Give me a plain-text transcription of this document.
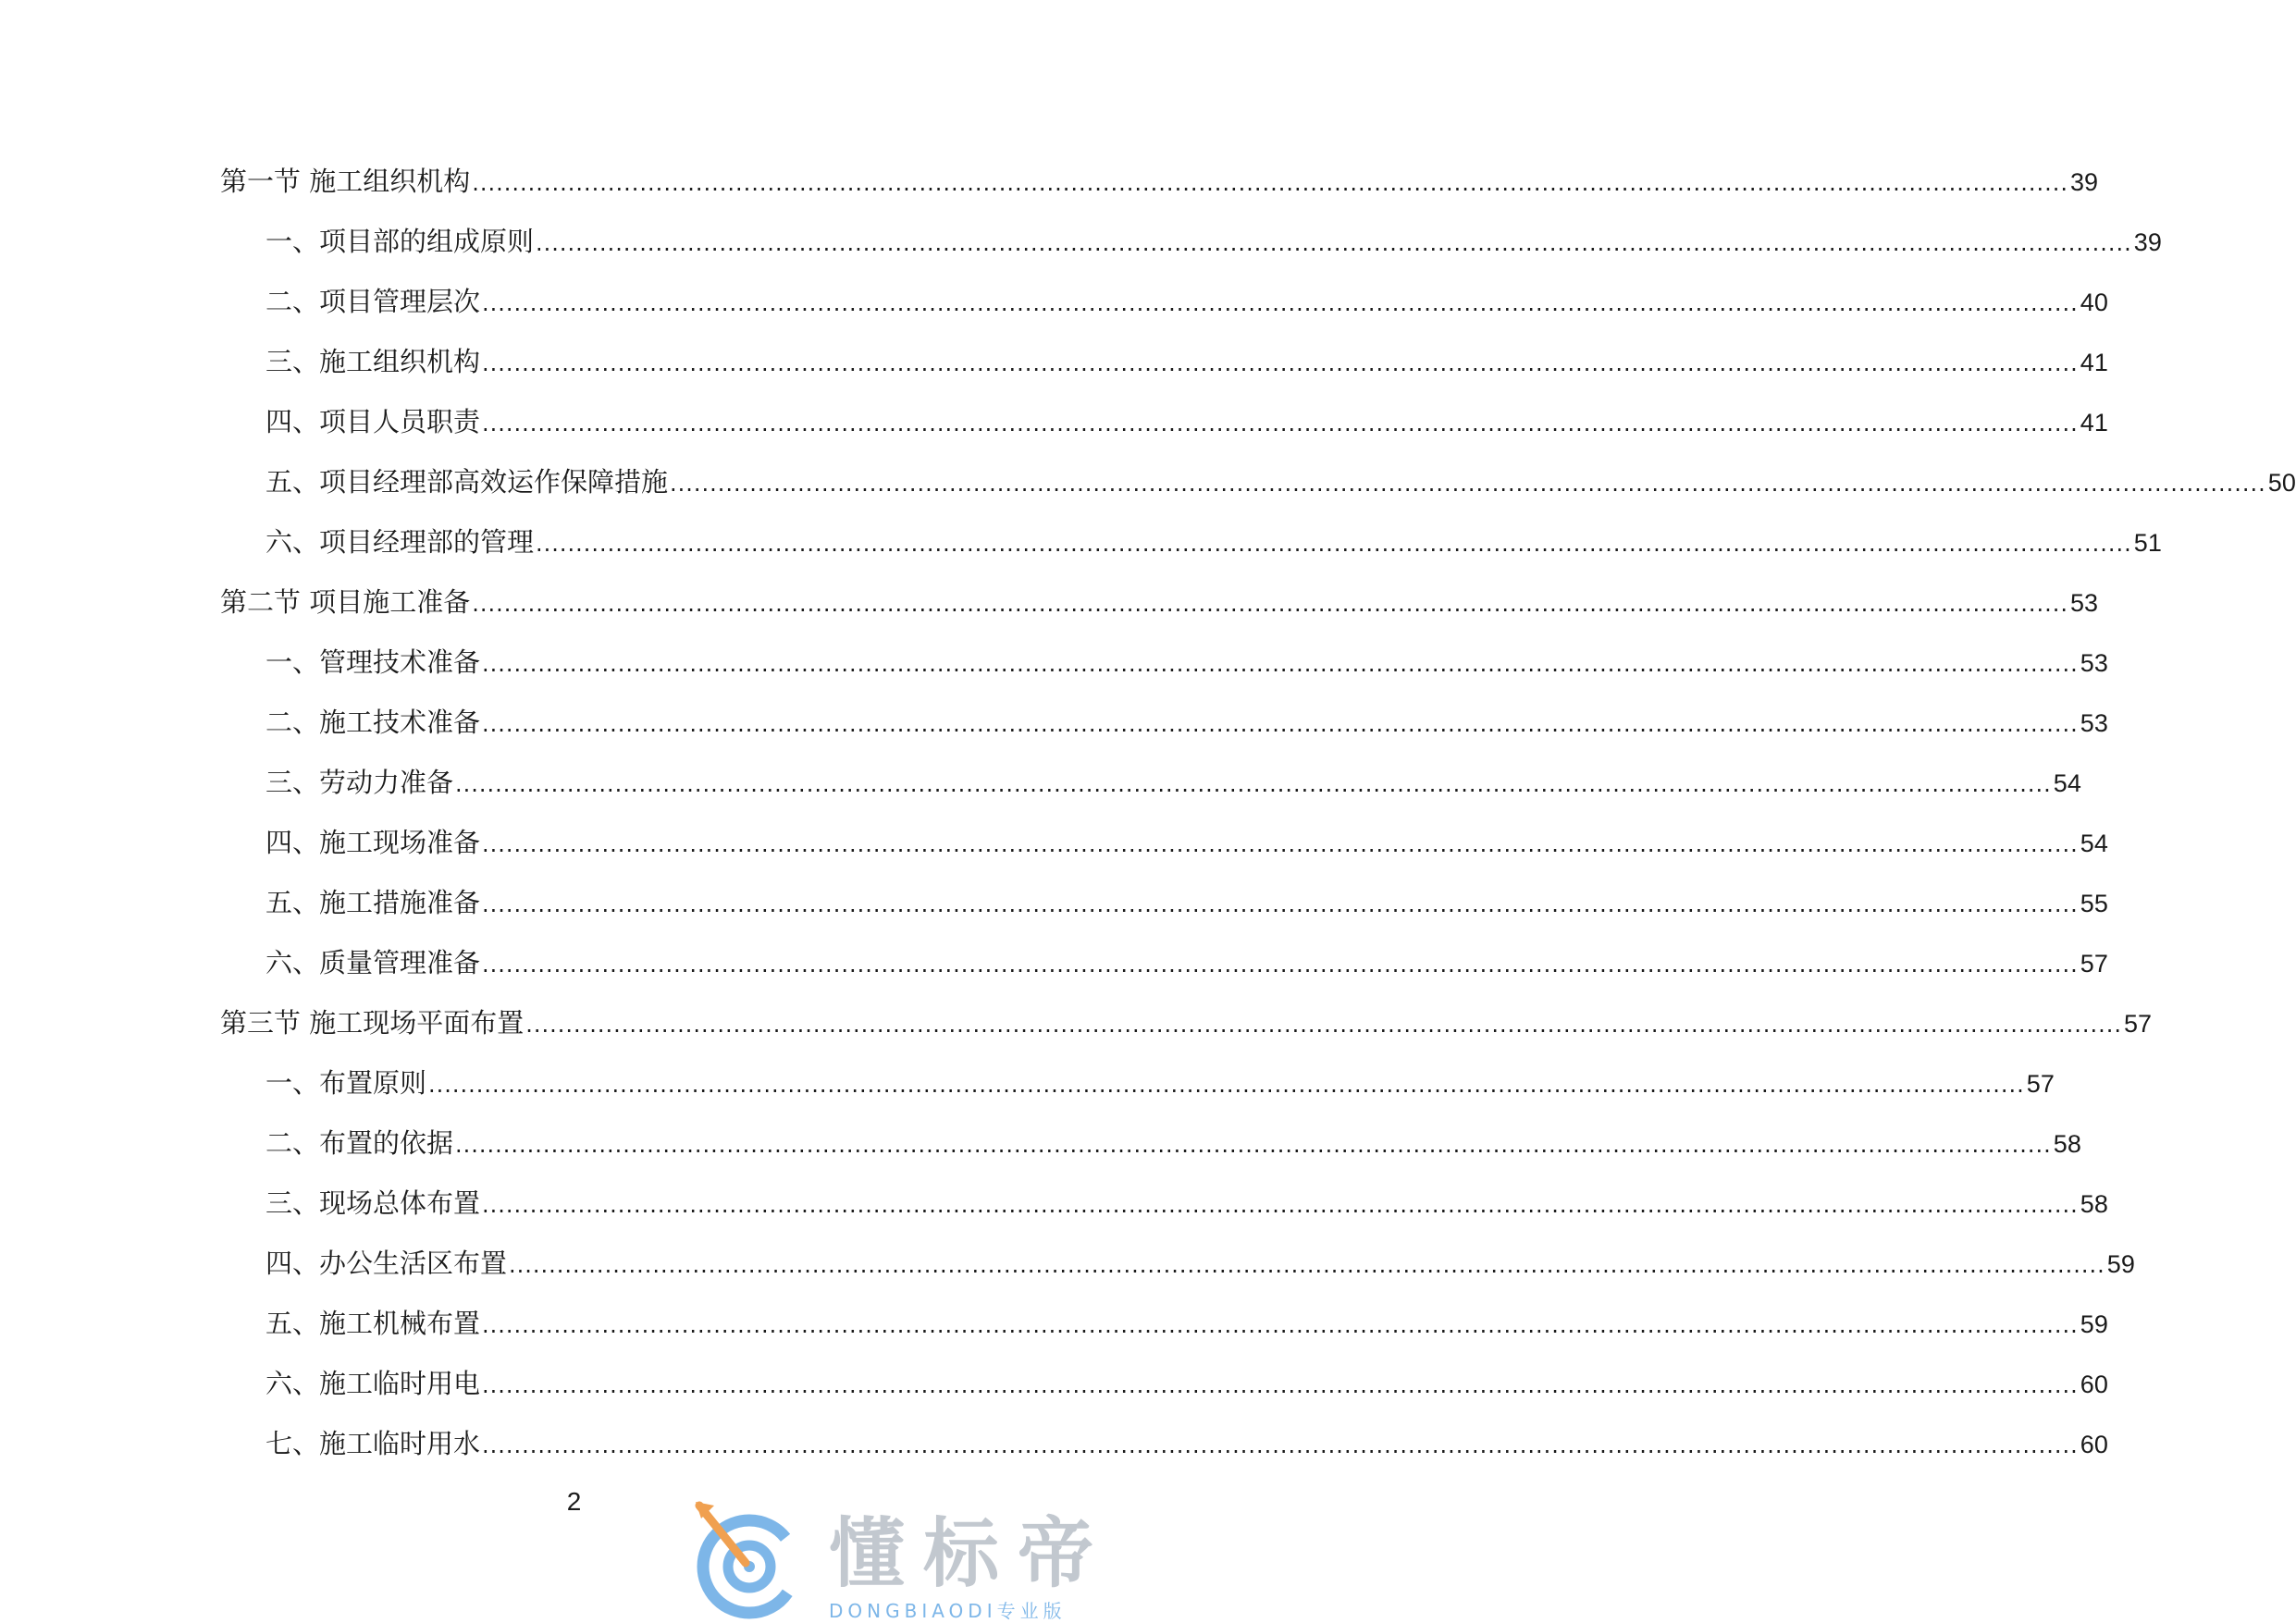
第一节 施工组织机构 ........................................................................................................................................................................................................ 39
一、项目部的组成原则 ........................................................................................................................................................................................................ 39
二、项目管理层次 ........................................................................................................................................................................................................ 40
三、施工组织机构 ........................................................................................................................................................................................................ 41
四、项目人员职责 ........................................................................................................................................................................................................ 41
五、项目经理部高效运作保障措施 ........................................................................................................................................................................................................ 50
六、项目经理部的管理 ........................................................................................................................................................................................................ 51
第二节 项目施工准备 ........................................................................................................................................................................................................ 53
一、管理技术准备 ........................................................................................................................................................................................................ 53
二、施工技术准备 ........................................................................................................................................................................................................ 53
三、劳动力准备 ........................................................................................................................................................................................................ 54
四、施工现场准备 ........................................................................................................................................................................................................ 54
五、施工措施准备 ........................................................................................................................................................................................................ 55
六、质量管理准备 ........................................................................................................................................................................................................ 57
第三节 施工现场平面布置 ........................................................................................................................................................................................................ 57
一、布置原则 ........................................................................................................................................................................................................ 57
二、布置的依据 ........................................................................................................................................................................................................ 58
三、现场总体布置 ........................................................................................................................................................................................................ 58
四、办公生活区布置 ........................................................................................................................................................................................................ 59
五、施工机械布置 ........................................................................................................................................................................................................ 59
六、施工临时用电 ........................................................................................................................................................................................................ 60
七、施工临时用水 ........................................................................................................................................................................................................ 60
2
懂标帝
DONGBIAODI专业版
